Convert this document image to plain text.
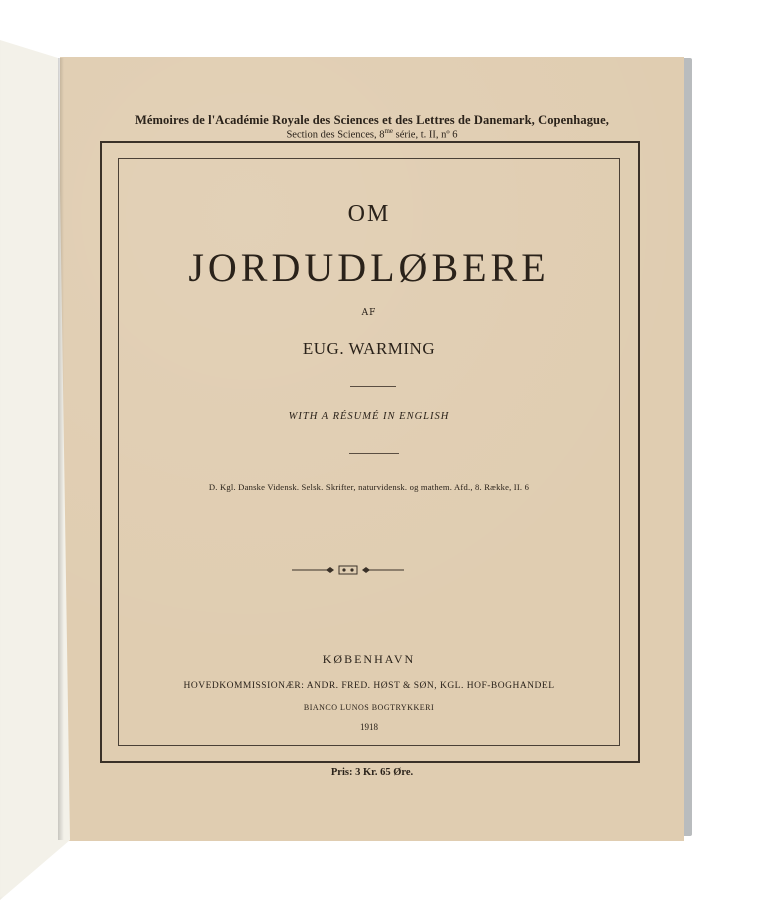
Mémoires de l'Académie Royale des Sciences et des Lettres de Danemark, Copenhague,
Section des Sciences, $8^{me}$ série, t. II, nº 6
OM
JORDUDLØBERE
AF
EUG. WARMING
WITH A RÉSUMÉ IN ENGLISH
D. Kgl. Danske Vidensk. Selsk. Skrifter, naturvidensk. og mathem. Afd., 8. Række, II. 6
KØBENHAVN
HOVEDKOMMISSIONÆR: ANDR. FRED. HØST & SØN, KGL. HOF-BOGHANDEL
BIANCO LUNOS BOGTRYKKERI
1918
Pris: 3 Kr. 65 Øre.
